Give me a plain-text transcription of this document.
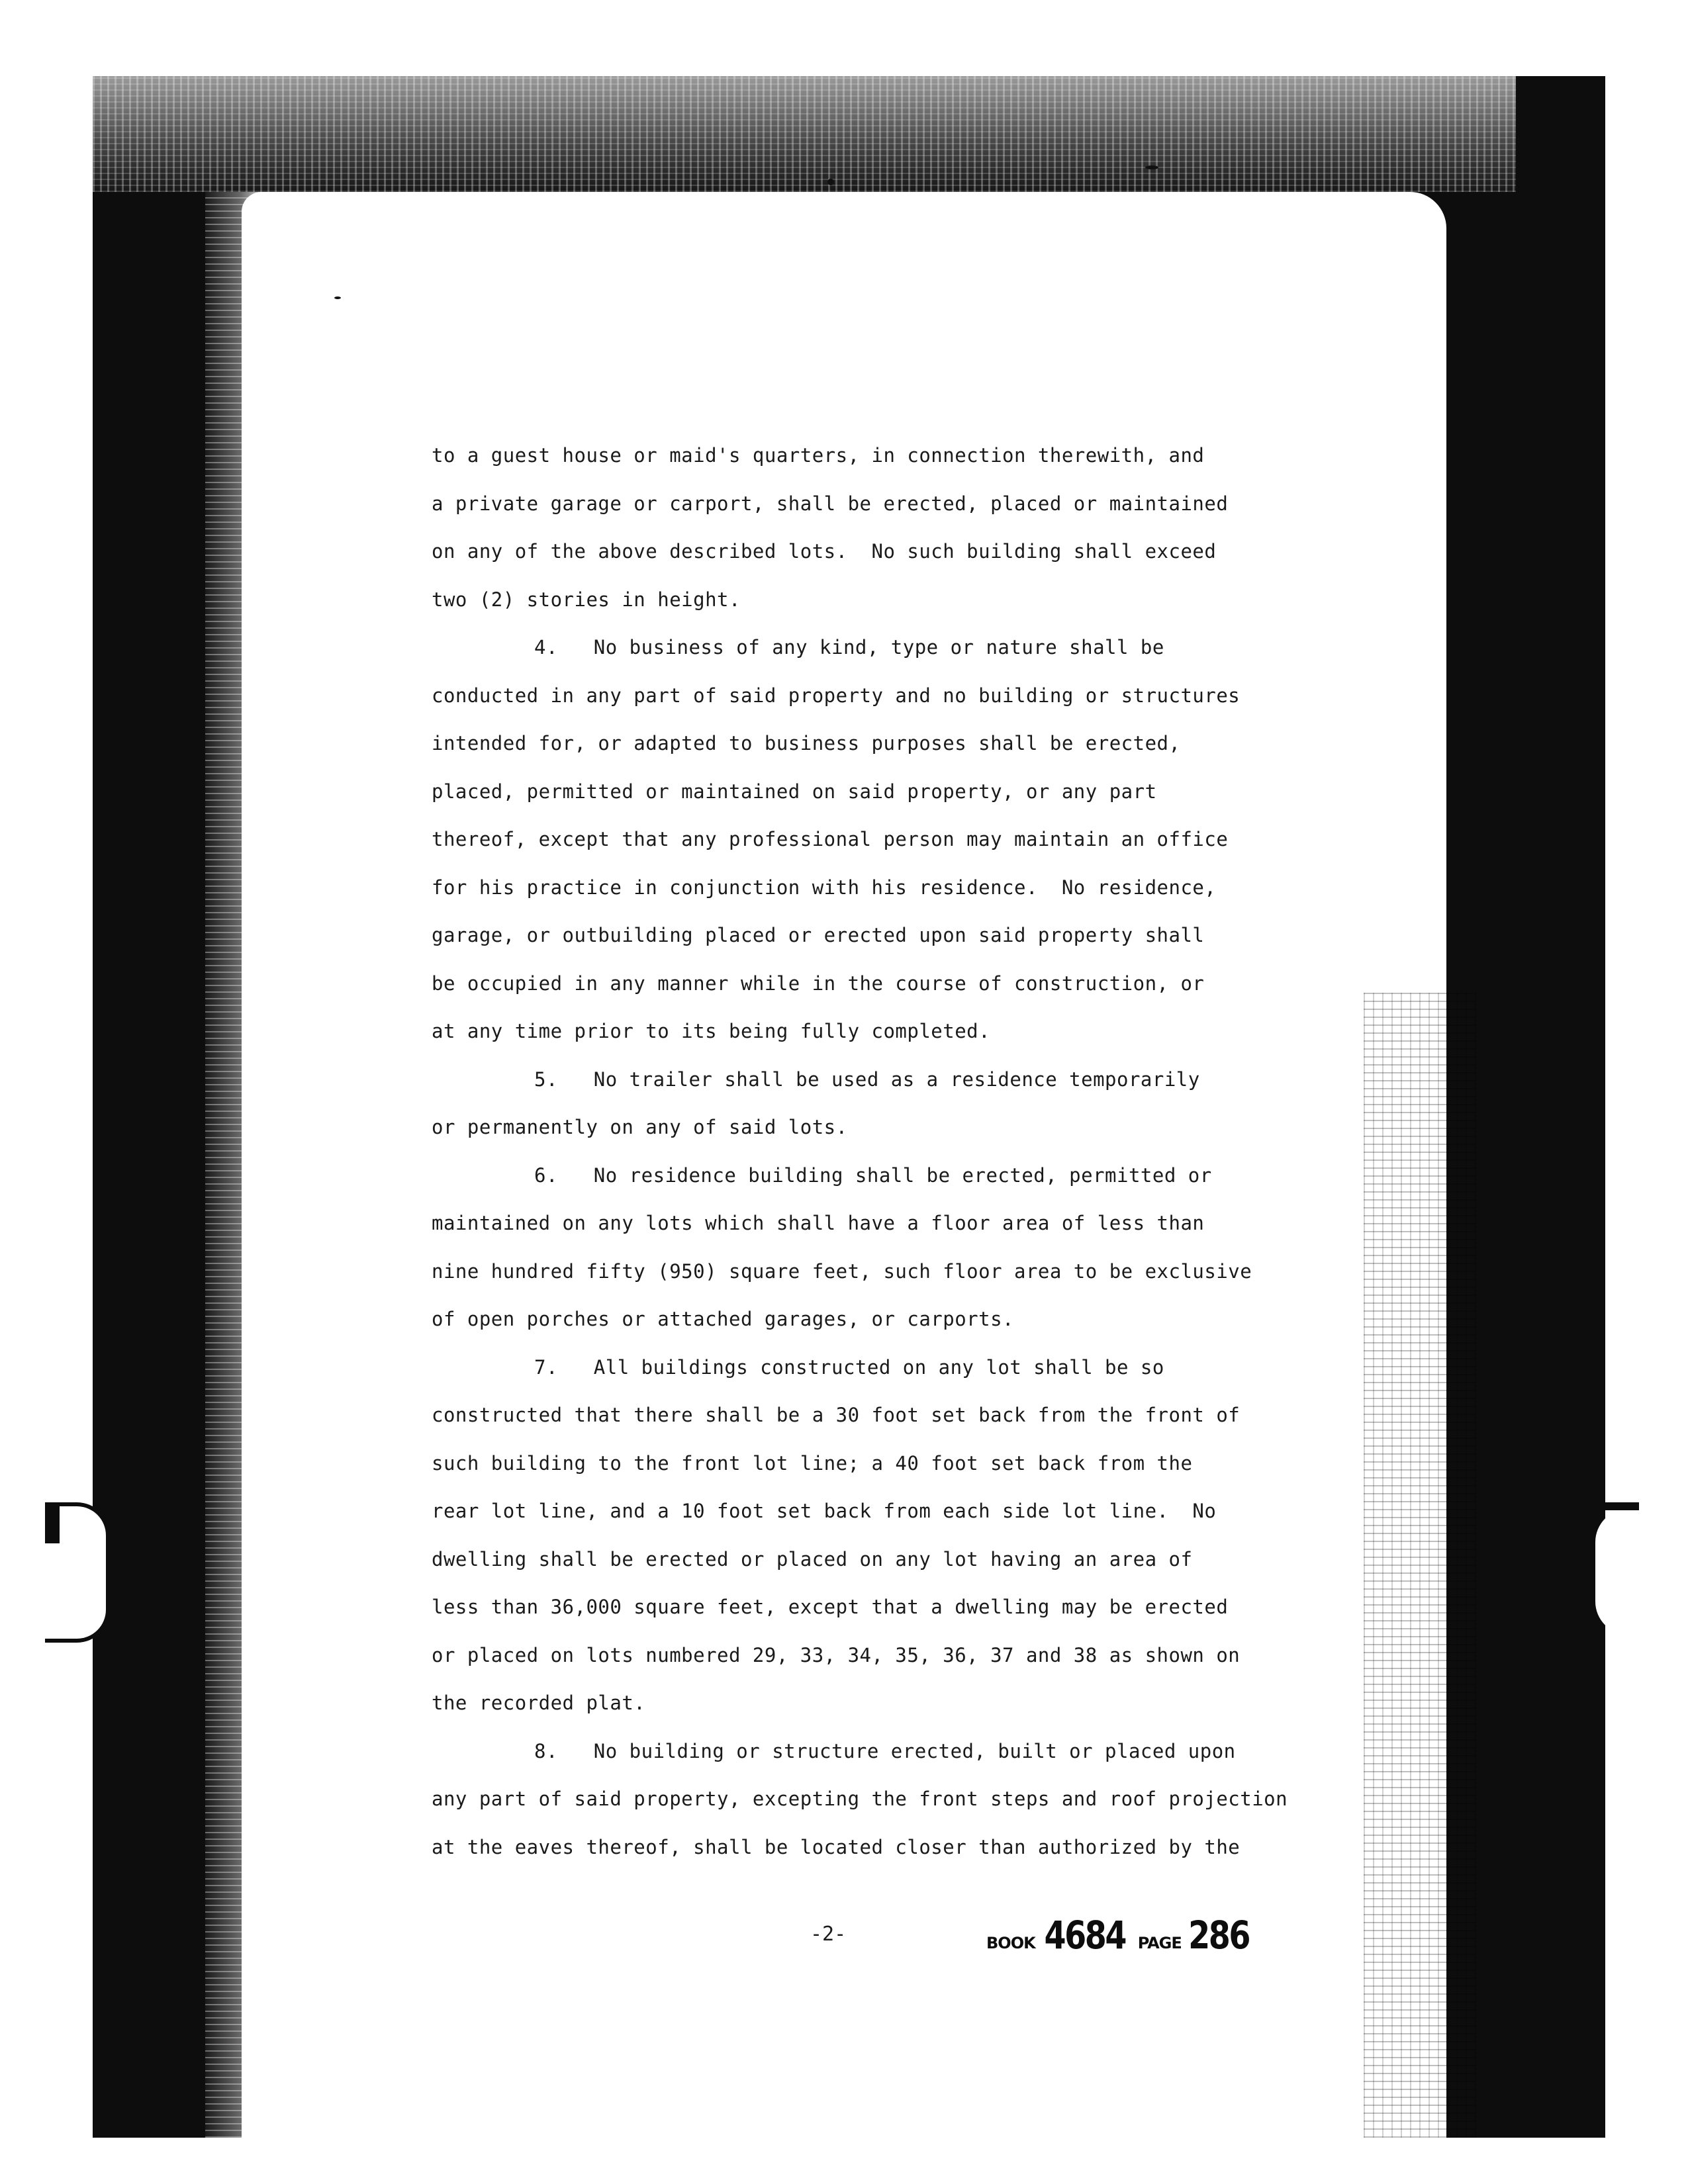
to a guest house or maid's quarters, in connection therewith, and
a private garage or carport, shall be erected, placed or maintained
on any of the above described lots.  No such building shall exceed
two (2) stories in height.
4.   No business of any kind, type or nature shall be
conducted in any part of said property and no building or structures
intended for, or adapted to business purposes shall be erected,
placed, permitted or maintained on said property, or any part
thereof, except that any professional person may maintain an office
for his practice in conjunction with his residence.  No residence,
garage, or outbuilding placed or erected upon said property shall
be occupied in any manner while in the course of construction, or
at any time prior to its being fully completed.
5.   No trailer shall be used as a residence temporarily
or permanently on any of said lots.
6.   No residence building shall be erected, permitted or
maintained on any lots which shall have a floor area of less than
nine hundred fifty (950) square feet, such floor area to be exclusive
of open porches or attached garages, or carports.
7.   All buildings constructed on any lot shall be so
constructed that there shall be a 30 foot set back from the front of
such building to the front lot line; a 40 foot set back from the
rear lot line, and a 10 foot set back from each side lot line.  No
dwelling shall be erected or placed on any lot having an area of
less than 36,000 square feet, except that a dwelling may be erected
or placed on lots numbered 29, 33, 34, 35, 36, 37 and 38 as shown on
the recorded plat.
8.   No building or structure erected, built or placed upon
any part of said property, excepting the front steps and roof projection
at the eaves thereof, shall be located closer than authorized by the
-2-	BOOK 4684 PAGE 286
